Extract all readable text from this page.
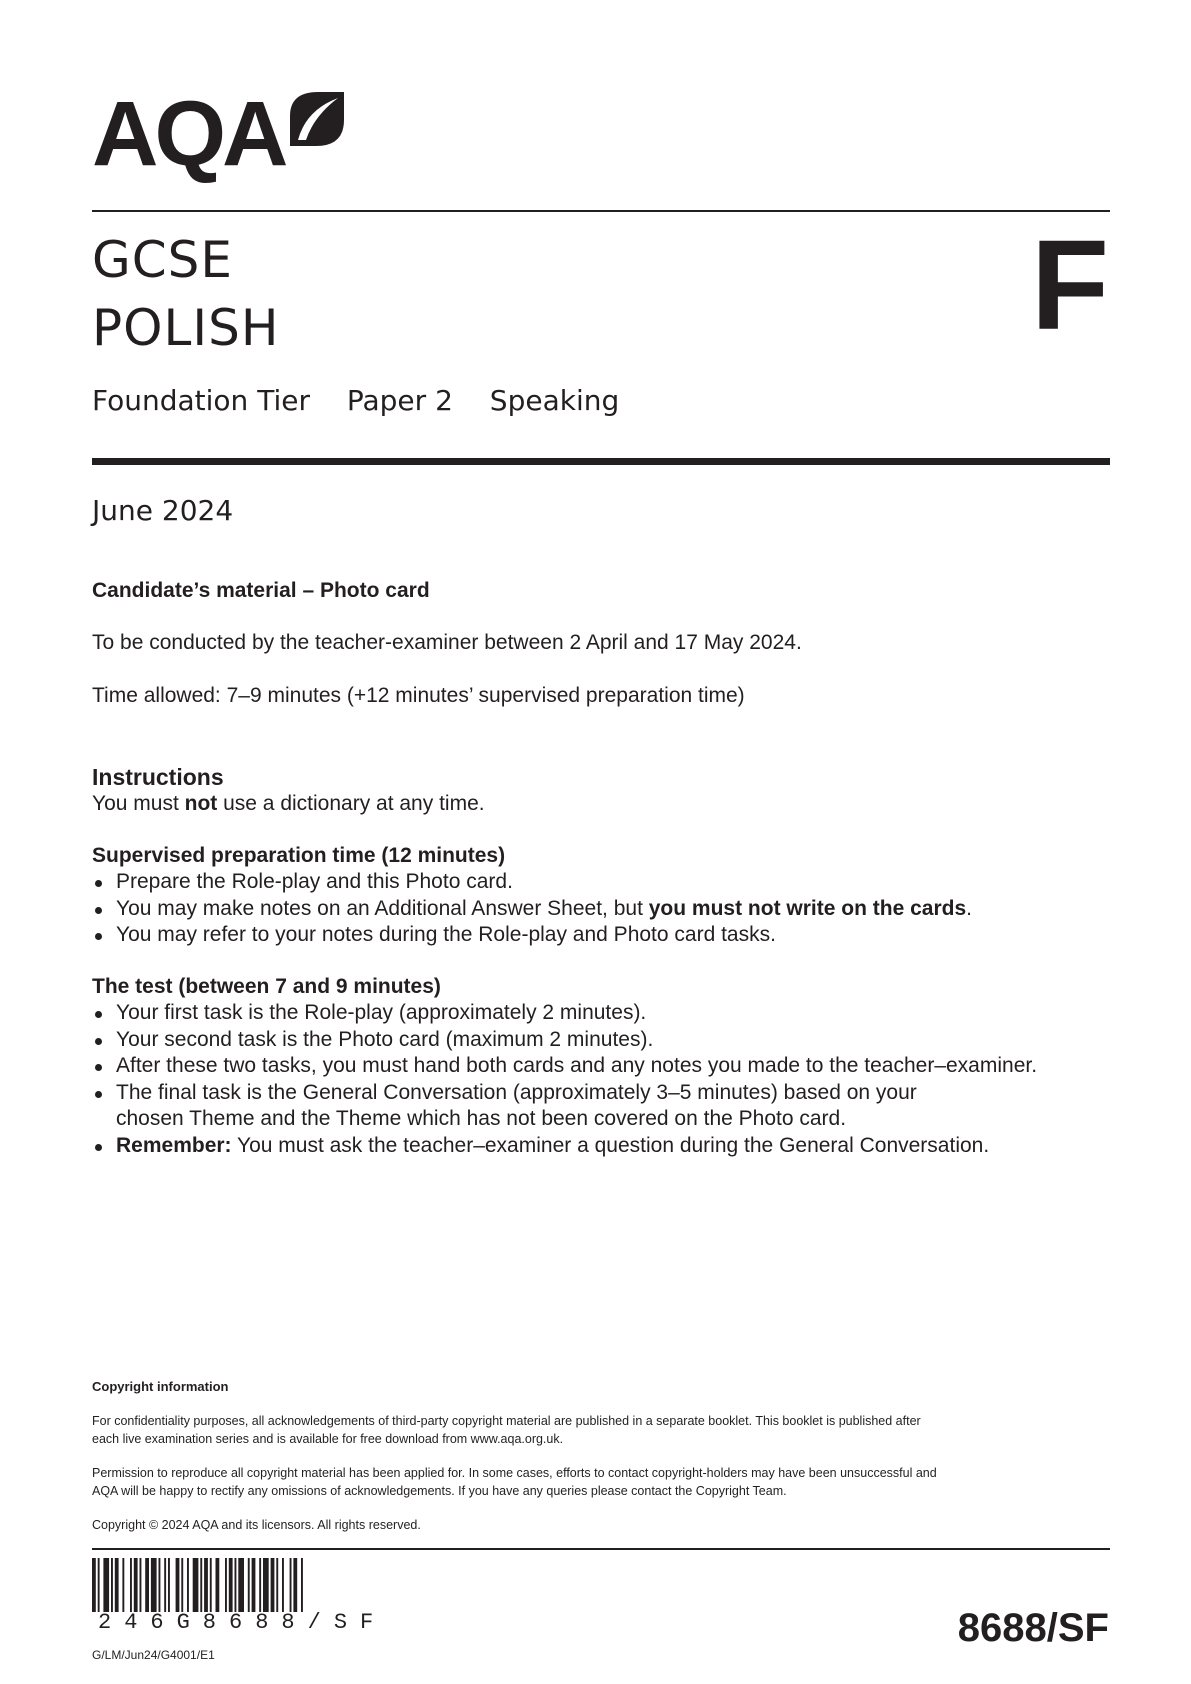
AQA
GCSE
POLISH	F
Foundation Tier Paper 2 Speaking
June 2024
Candidate’s material – Photo card
To be conducted by the teacher-examiner between 2 April and 17 May 2024.
Time allowed: 7–9 minutes (+12 minutes’ supervised preparation time)
Instructions
You must not use a dictionary at any time.
Supervised preparation time (12 minutes)
Prepare the Role-play and this Photo card.
You may make notes on an Additional Answer Sheet, but you must not write on the cards.
You may refer to your notes during the Role-play and Photo card tasks.
The test (between 7 and 9 minutes)
Your first task is the Role-play (approximately 2 minutes).
Your second task is the Photo card (maximum 2 minutes).
After these two tasks, you must hand both cards and any notes you made to the teacher–examiner.
The final task is the General Conversation (approximately 3–5 minutes) based on your
chosen Theme and the Theme which has not been covered on the Photo card.
Remember: You must ask the teacher–examiner a question during the General Conversation.
Copyright information
For confidentiality purposes, all acknowledgements of third-party copyright material are published in a separate booklet. This booklet is published after
each live examination series and is available for free download from www.aqa.org.uk.
Permission to reproduce all copyright material has been applied for. In some cases, efforts to contact copyright-holders may have been unsuccessful and
AQA will be happy to rectify any omissions of acknowledgements. If you have any queries please contact the Copyright Team.
Copyright © 2024 AQA and its licensors. All rights reserved.
246G8688/SF
G/LM/Jun24/G4001/E1
8688/SF
